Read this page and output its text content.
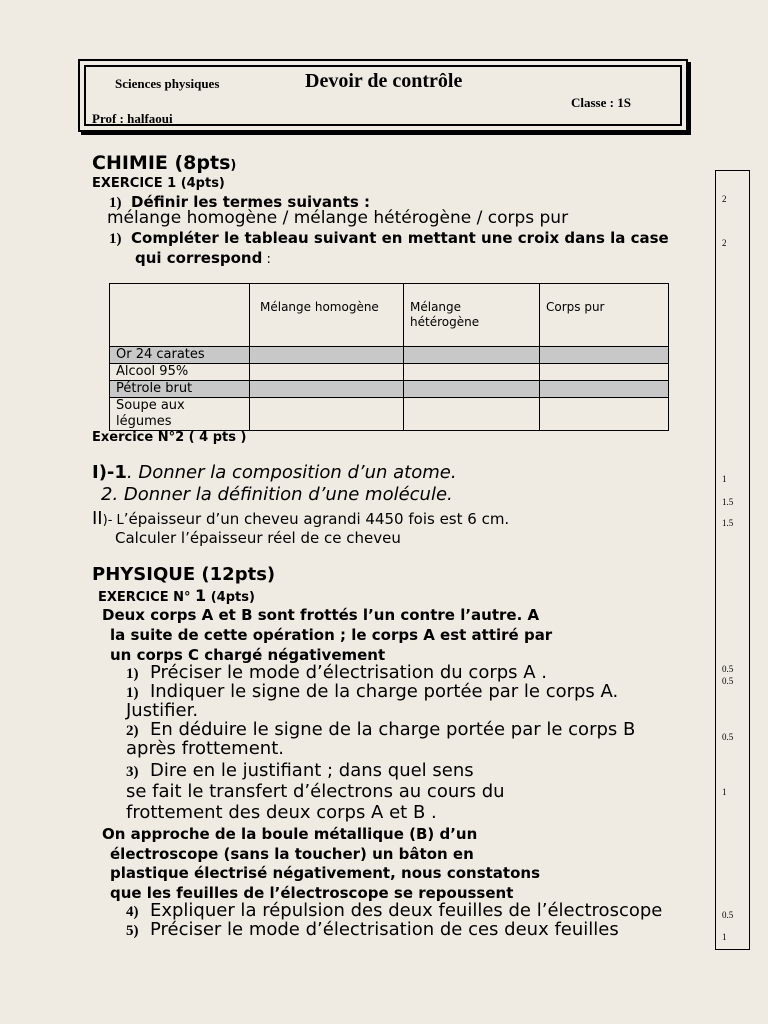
Sciences physiques	Devoir de contrôle
Classe : 1S
Prof : halfaoui
2
2
1
1.5
1.5
0.5
0.5
0.5
1
0.5
1
CHIMIE (8pts)
EXERCICE 1 (4pts)
1) Définir les termes suivants :
mélange homogène / mélange hétérogène / corps pur
1) Compléter le tableau suivant en mettant une croix dans la case
qui correspond :
	Mélange homogène	Mélange hétérogène	Corps pur
Or 24 carates			
Alcool 95%			
Pétrole brut			
Soupe aux légumes			
Exercice N°2 ( 4 pts )
I)-1. Donner la composition d’un atome.
2. Donner la définition d’une molécule.
II)- L’épaisseur d’un cheveu agrandi 4450 fois est 6 cm.
Calculer l’épaisseur réel de ce cheveu
PHYSIQUE (12pts)
EXERCICE N° 1 (4pts)
Deux corps A et B sont frottés l’un contre l’autre. A
la suite de cette opération ; le corps A est attiré par
un corps C chargé négativement
1) Préciser le mode d’électrisation du corps A .
1) Indiquer le signe de la charge portée par le corps A.
Justifier.
2) En déduire le signe de la charge portée par le corps B
après frottement.
3) Dire en le justifiant ; dans quel sens
se fait le transfert d’électrons au cours du
frottement des deux corps A et B .
On approche de la boule métallique (B) d’un
électroscope (sans la toucher) un bâton en
plastique électrisé négativement, nous constatons
que les feuilles de l’électroscope se repoussent
4) Expliquer la répulsion des deux feuilles de l’électroscope
5) Préciser le mode d’électrisation de ces deux feuilles
